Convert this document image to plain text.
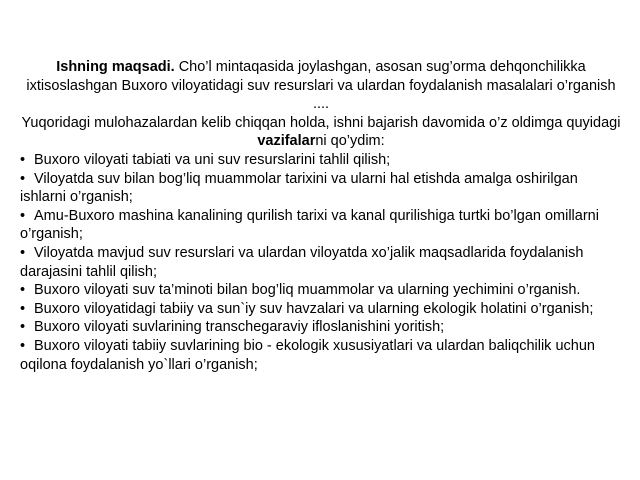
Ishning maqsadi. Cho’l mintaqasida joylashgan, asosan sug’orma dehqonchilikka ixtisoslashgan Buxoro viloyatidagi suv resurslari va ulardan foydalanish masalalari o’rganish ....
Yuqoridagi mulohazalardan kelib chiqqan holda, ishni bajarish davomida o’z oldimga quyidagi vazifalarni qo’ydim:
• Buxoro viloyati tabiati va uni suv resurslarini tahlil qilish;
• Viloyatda suv bilan bog’liq muammolar tarixini va ularni hal etishda amalga oshirilgan ishlarni o’rganish;
• Amu-Buxoro mashina kanalining qurilish tarixi va kanal qurilishiga turtki bo’lgan omillarni o’rganish;
• Viloyatda mavjud suv resurslari va ulardan viloyatda xo’jalik maqsadlarida foydalanish darajasini tahlil qilish;
• Buxoro viloyati suv ta’minoti bilan bog’liq muammolar va ularning yechimini o’rganish.
• Buxoro viloyatidagi tabiiy va sun`iy suv havzalari va ularning ekologik holatini o’rganish;
• Buxoro viloyati suvlarining transchegaraviy ifloslanishini yoritish;
• Buxoro viloyati tabiiy suvlarining bio - ekologik xususiyatlari va ulardan baliqchilik uchun oqilona foydalanish yo`llari o’rganish;
